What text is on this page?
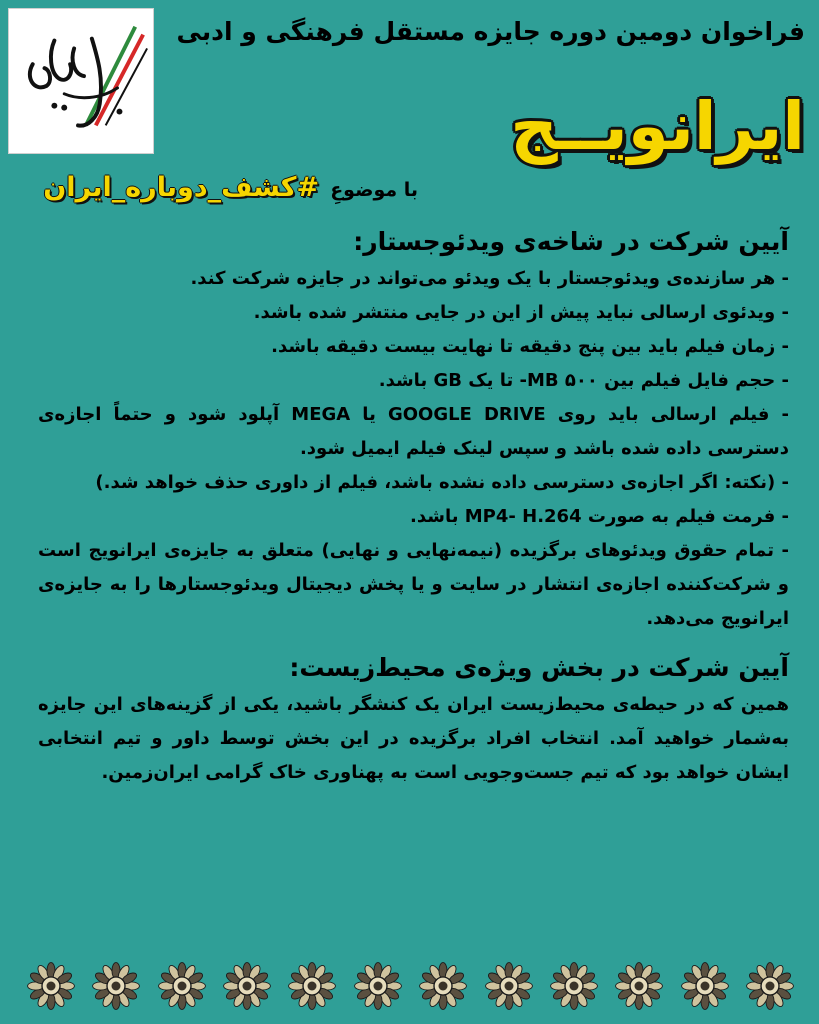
فراخوان دومین دوره جایزه مستقل فرهنگی و ادبی
ایرانویــج
با موضوعِ #کشف_دوباره_ایران
آیین شرکت در شاخه‌ی ویدئوجستار:
- هر سازنده‌ی ویدئوجستار با یک ویدئو می‌تواند در جایزه شرکت کند.
- ویدئوی ارسالی نباید پیش از این در جایی منتشر شده باشد.
- زمان فیلم باید بین پنج دقیقه تا نهایت بیست دقیقه باشد.
- حجم فایل فیلم بین ۵۰۰ MB- تا یک GB باشد.
- فیلم ارسالی باید روی GOOGLE DRIVE یا MEGA آپلود شود و حتماً اجازه‌ی دسترسی داده شده باشد و سپس لینک فیلم ایمیل شود.
- (نکته: اگر اجازه‌ی دسترسی داده نشده باشد، فیلم از داوری حذف خواهد شد.)
- فرمت فیلم به صورت MP4- H.264 باشد.
- تمام حقوق ویدئوهای برگزیده (نیمه‌نهایی و نهایی) متعلق به جایزه‌ی ایرانویج است و شرکت‌کننده اجازه‌ی انتشار در سایت و یا پخش دیجیتال ویدئوجستارها را به جایزه‌ی ایرانویج می‌دهد.
آیین شرکت در بخش ویژه‌ی محیط‌زیست:

همین که در حیطه‌ی محیط‌زیست ایران یک کنشگر باشید، یکی از گزینه‌های این جایزه به‌شمار خواهید آمد. انتخاب افراد برگزیده در این بخش توسط داور و تیم انتخابی ایشان خواهد بود که تیم جست‌وجویی است به پهناوری خاک گرامی ایران‌زمین.
